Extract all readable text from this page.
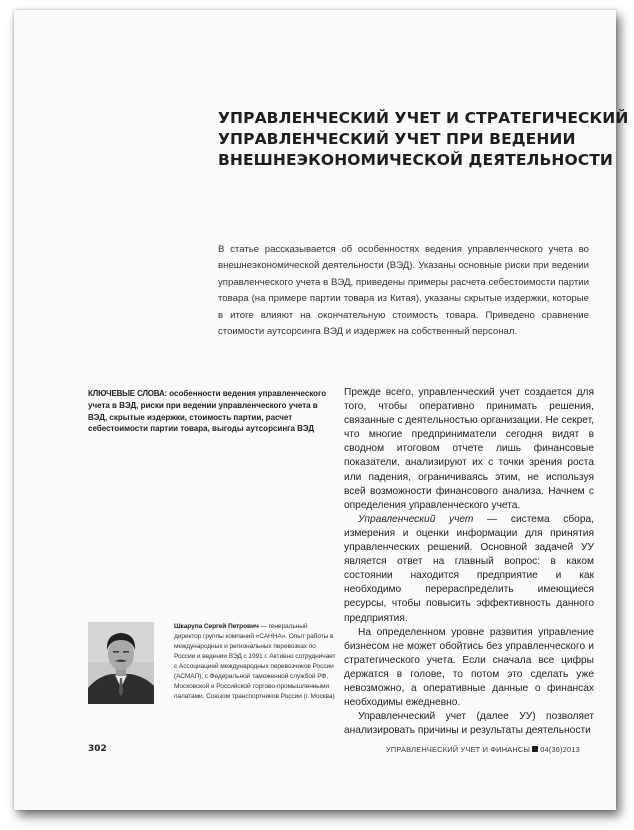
УПРАВЛЕНЧЕСКИЙ УЧЕТ И СТРАТЕГИЧЕСКИЙ
УПРАВЛЕНЧЕСКИЙ УЧЕТ ПРИ ВЕДЕНИИ
ВНЕШНЕЭКОНОМИЧЕСКОЙ ДЕЯТЕЛЬНОСТИ

В статье рассказывается об особенностях ведения управленческого учета во внешнеэкономической деятельности (ВЭД). Указаны основные риски при ведении управленческого учета в ВЭД, приведены примеры расчета себестоимости партии товара (на примере партии товара из Китая), указаны скрытые издержки, которые в итоге влияют на окончательную стоимость товара. Приведено сравнение стоимости аутсорсинга ВЭД и издержек на собственный персонал.

КЛЮЧЕВЫЕ СЛОВА: особенности ведения управленческого учета в ВЭД, риски при ведении управленческого учета в ВЭД, скрытые издержки, стоимость партии, расчет себестоимости партии товара, выгоды аутсорсинга ВЭД

Прежде всего, управленческий учет создается для того, чтобы оперативно принимать решения, связанные с деятельностью организации. Не секрет, что многие предприниматели сегодня видят в сводном итоговом отчете лишь финансовые показатели, анализируют их с точки зрения роста или падения, ограничиваясь этим, не используя всей возможности финансового анализа. Начнем с определения управленческого учета.

Управленческий учет — система сбора, измерения и оценки информации для принятия управленческих решений. Основной задачей УУ является ответ на главный вопрос: в каком состоянии находится предприятие и как необходимо перераспределить имеющиеся ресурсы, чтобы повысить эффективность данного предприятия.

На определенном уровне развития управление бизнесом не может обойтись без управленческого и стратегического учета. Если сначала все цифры держатся в голове, то потом это сделать уже невозможно, а оперативные данные о финансах необходимы ежедневно.

Управленческий учет (далее УУ) позволяет анализировать причины и результаты деятельности

Шкарупа Сергей Петрович — генеральный директор группы компаний «САННА». Опыт работы в международных и региональных перевозках по России и ведении ВЭД с 1991 г. Активно сотрудничает с Ассоциацией международных перевозчиков России (АСМАП), с Федеральной таможенной службой РФ, Московской и Российской торгово-промышленными палатами, Союзом транспортников России (г. Москва)

302	УПРАВЛЕНЧЕСКИЙ УЧЕТ И ФИНАНСЫ 04(36)2013
